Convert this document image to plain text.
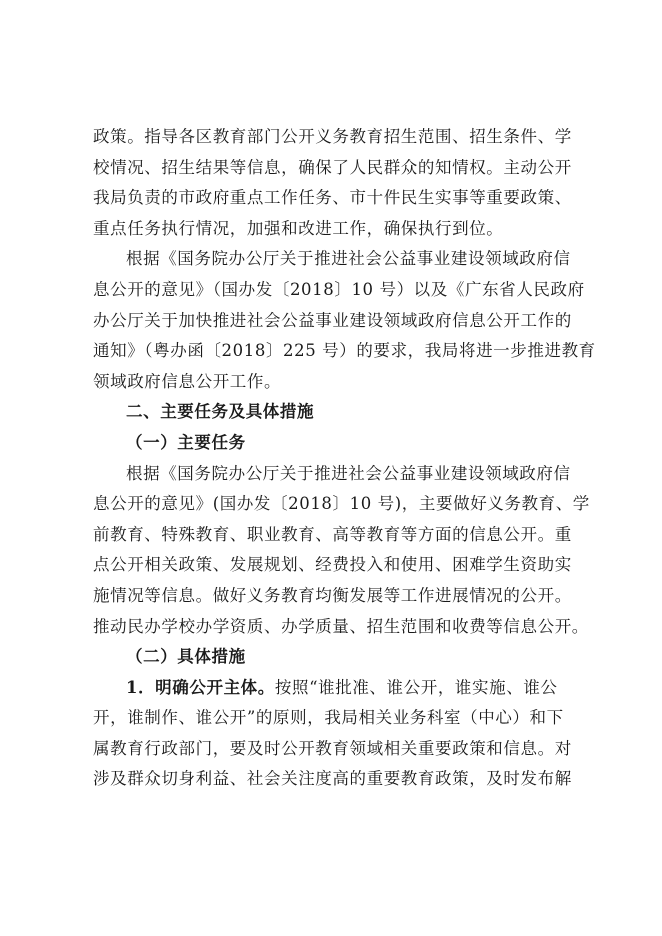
政策。指导各区教育部门公开义务教育招生范围、招生条件、学
校情况、招生结果等信息，确保了人民群众的知情权。主动公开
我局负责的市政府重点工作任务、市十件民生实事等重要政策、
重点任务执行情况，加强和改进工作，确保执行到位。
根据《国务院办公厅关于推进社会公益事业建设领域政府信
息公开的意见》（国办发〔2018〕10 号）以及《广东省人民政府
办公厅关于加快推进社会公益事业建设领域政府信息公开工作的
通知》（粤办函〔2018〕225 号）的要求，我局将进一步推进教育
领域政府信息公开工作。
二、主要任务及具体措施
（一）主要任务
根据《国务院办公厅关于推进社会公益事业建设领域政府信
息公开的意见》(国办发〔2018〕10 号)，主要做好义务教育、学
前教育、特殊教育、职业教育、高等教育等方面的信息公开。重
点公开相关政策、发展规划、经费投入和使用、困难学生资助实
施情况等信息。做好义务教育均衡发展等工作进展情况的公开。
推动民办学校办学资质、办学质量、招生范围和收费等信息公开。
（二）具体措施
1．明确公开主体。按照“谁批准、谁公开，谁实施、谁公
开，谁制作、谁公开”的原则，我局相关业务科室（中心）和下
属教育行政部门，要及时公开教育领域相关重要政策和信息。对
涉及群众切身利益、社会关注度高的重要教育政策，及时发布解
